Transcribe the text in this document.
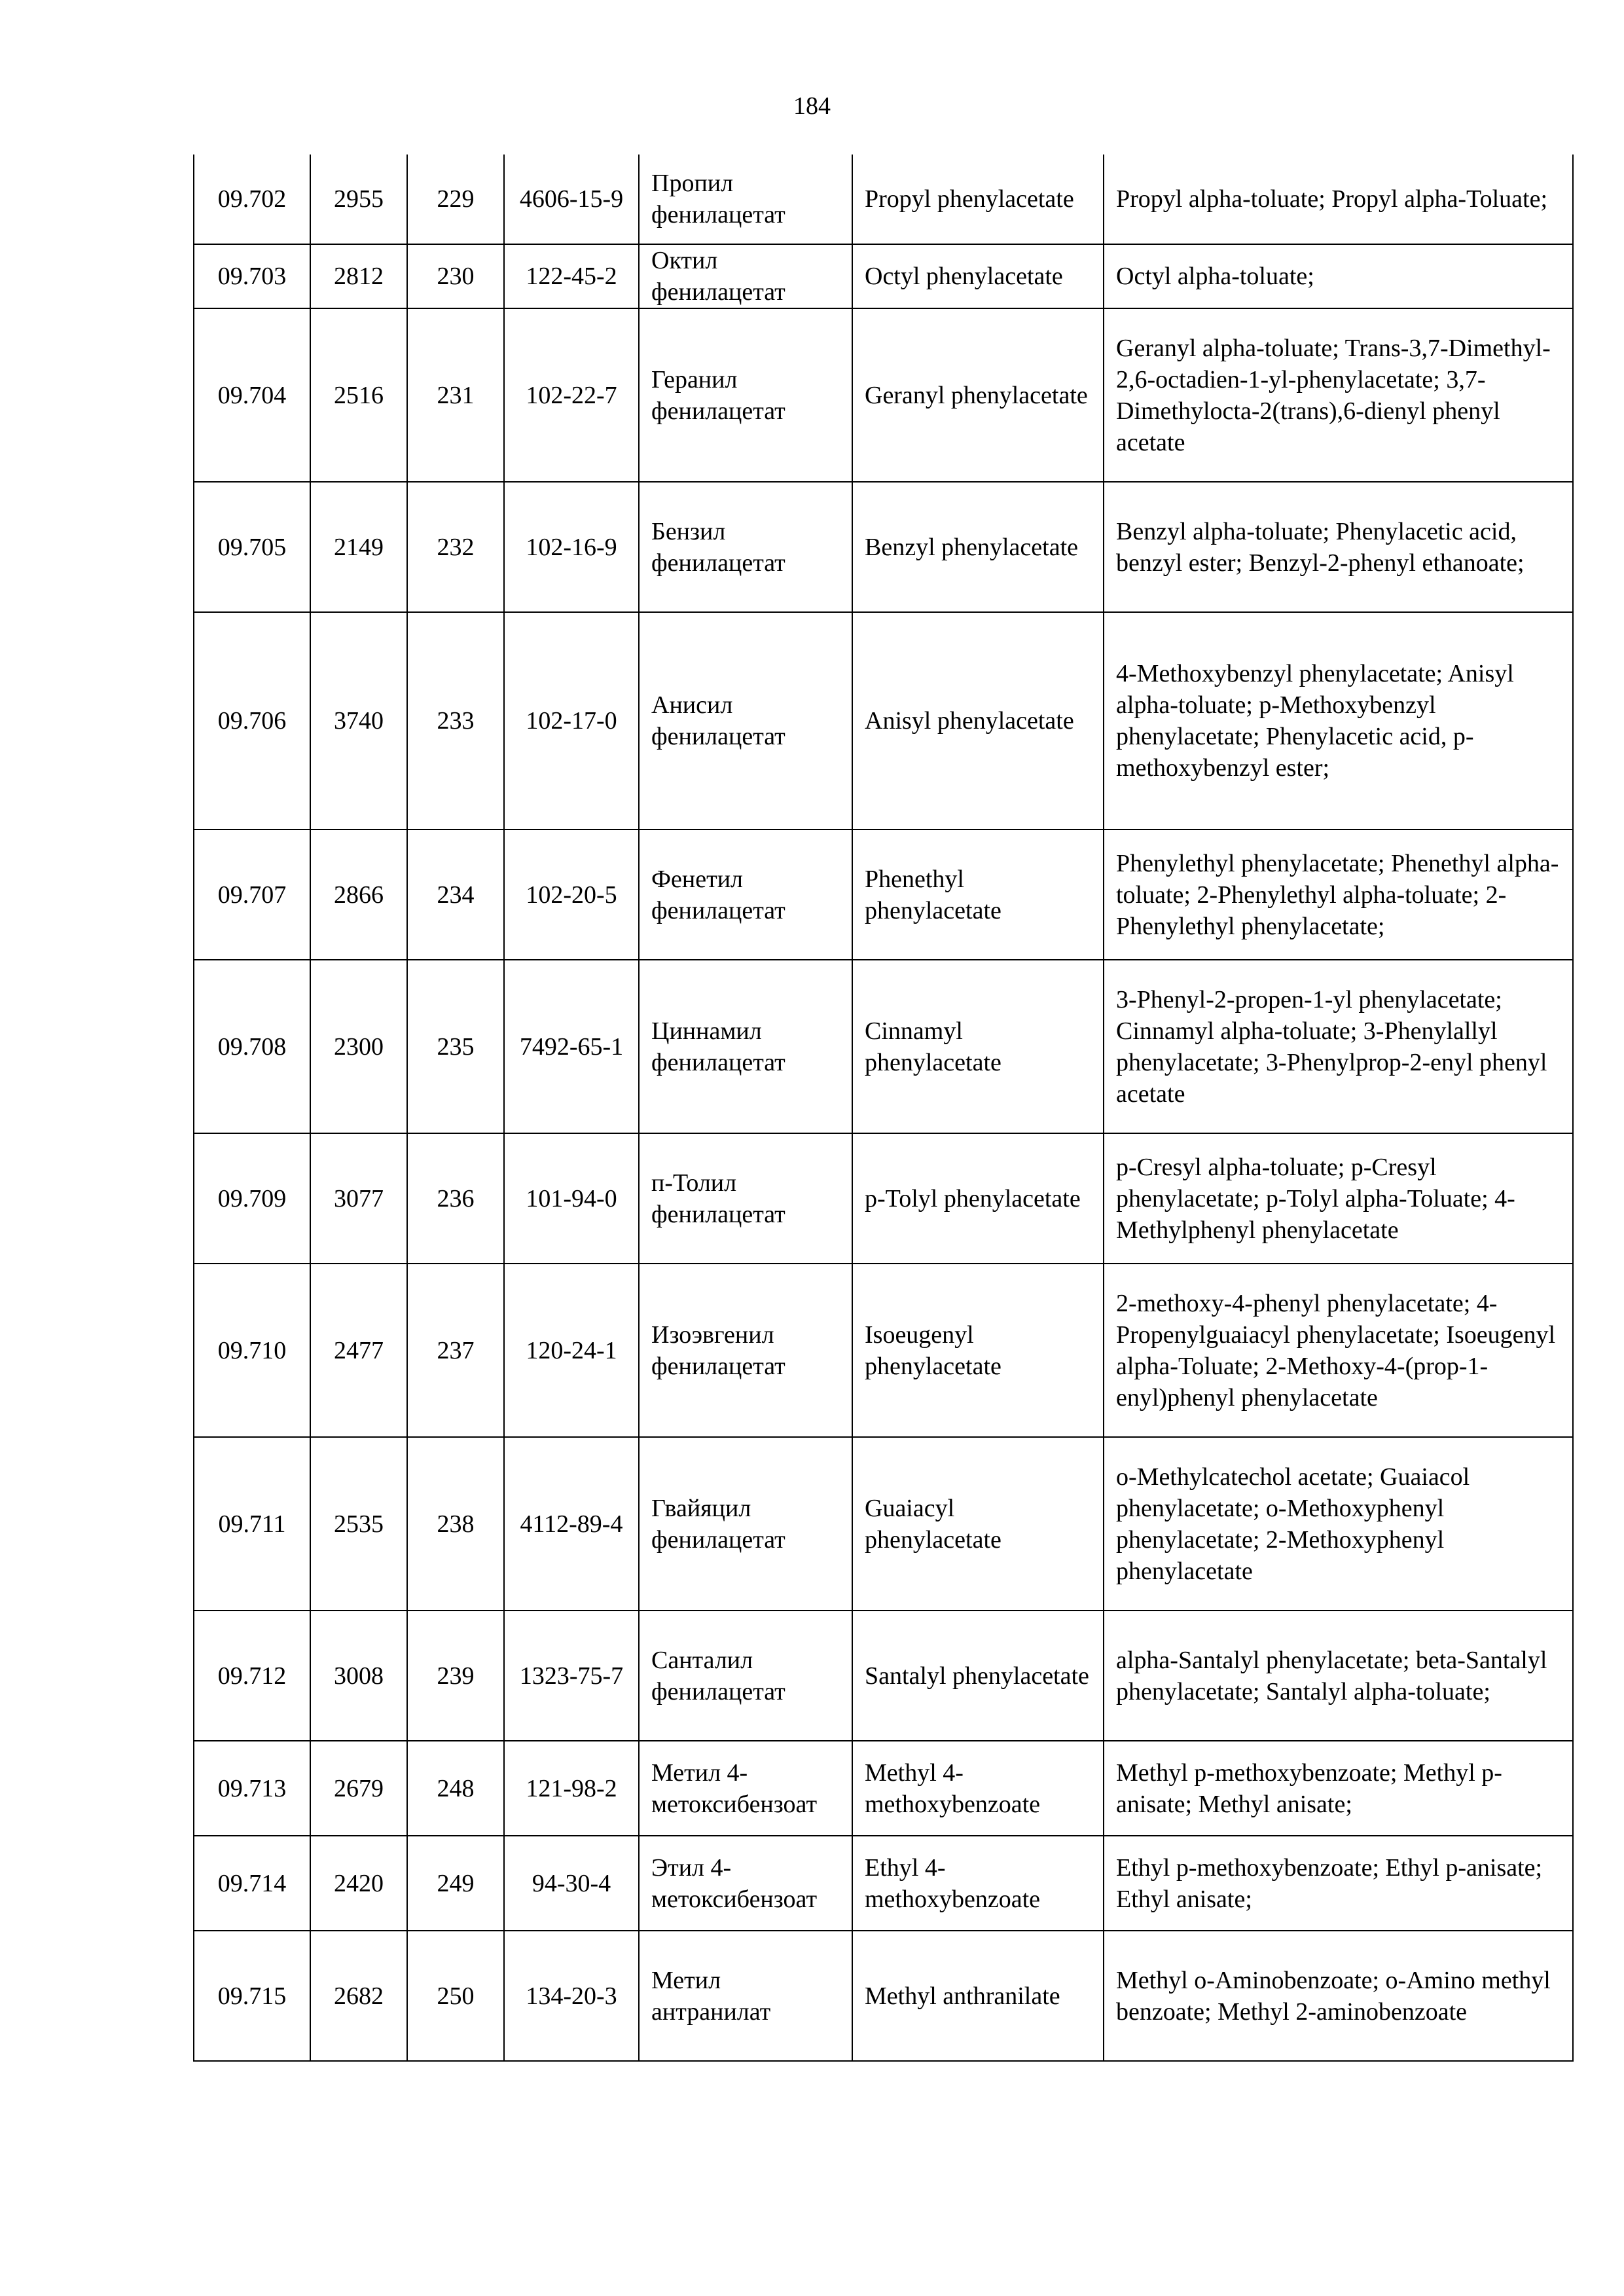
184
09.702	2955	229	4606-15-9	Пропил фенилацетат	Propyl phenylacetate	Propyl alpha-toluate; Propyl alpha-Toluate;
09.703	2812	230	122-45-2	Октил фенилацетат	Octyl phenylacetate	Octyl alpha-toluate;
09.704	2516	231	102-22-7	Геранил фенилацетат	Geranyl phenylacetate	Geranyl alpha-toluate; Trans-3,7-Dimethyl-2,6-octadien-1-yl-phenylacetate; 3,7-Dimethylocta-2(trans),6-dienyl phenyl acetate
09.705	2149	232	102-16-9	Бензил фенилацетат	Benzyl phenylacetate	Benzyl alpha-toluate; Phenylacetic acid, benzyl ester; Benzyl-2-phenyl ethanoate;
09.706	3740	233	102-17-0	Анисил фенилацетат	Anisyl phenylacetate	4-Methoxybenzyl phenylacetate; Anisyl alpha-toluate; p-Methoxybenzyl phenylacetate; Phenylacetic acid, p-methoxybenzyl ester;
09.707	2866	234	102-20-5	Фенетил фенилацетат	Phenethyl phenylacetate	Phenylethyl phenylacetate; Phenethyl alpha-toluate; 2-Phenylethyl alpha-toluate; 2-Phenylethyl phenylacetate;
09.708	2300	235	7492-65-1	Циннамил фенилацетат	Cinnamyl phenylacetate	3-Phenyl-2-propen-1-yl phenylacetate; Cinnamyl alpha-toluate; 3-Phenylallyl phenylacetate; 3-Phenylprop-2-enyl phenyl acetate
09.709	3077	236	101-94-0	п-Толил фенилацетат	p-Tolyl phenylacetate	p-Cresyl alpha-toluate; p-Cresyl phenylacetate; p-Tolyl alpha-Toluate; 4-Methylphenyl phenylacetate
09.710	2477	237	120-24-1	Изоэвгенил фенилацетат	Isoeugenyl phenylacetate	2-methoxy-4-phenyl phenylacetate; 4-Propenylguaiacyl phenylacetate; Isoeugenyl alpha-Toluate; 2-Methoxy-4-(prop-1-enyl)phenyl phenylacetate
09.711	2535	238	4112-89-4	Гвайяцил фенилацетат	Guaiacyl phenylacetate	o-Methylcatechol acetate; Guaiacol phenylacetate; o-Methoxyphenyl phenylacetate; 2-Methoxyphenyl phenylacetate
09.712	3008	239	1323-75-7	Санталил фенилацетат	Santalyl phenylacetate	alpha-Santalyl phenylacetate; beta-Santalyl phenylacetate; Santalyl alpha-toluate;
09.713	2679	248	121-98-2	Метил 4-метоксибензоат	Methyl 4-methoxybenzoate	Methyl p-methoxybenzoate; Methyl p-anisate; Methyl anisate;
09.714	2420	249	94-30-4	Этил 4-метоксибензоат	Ethyl 4-methoxybenzoate	Ethyl p-methoxybenzoate; Ethyl p-anisate; Ethyl anisate;
09.715	2682	250	134-20-3	Метил антранилат	Methyl anthranilate	Methyl o-Aminobenzoate; o-Amino methyl benzoate; Methyl 2-aminobenzoate
